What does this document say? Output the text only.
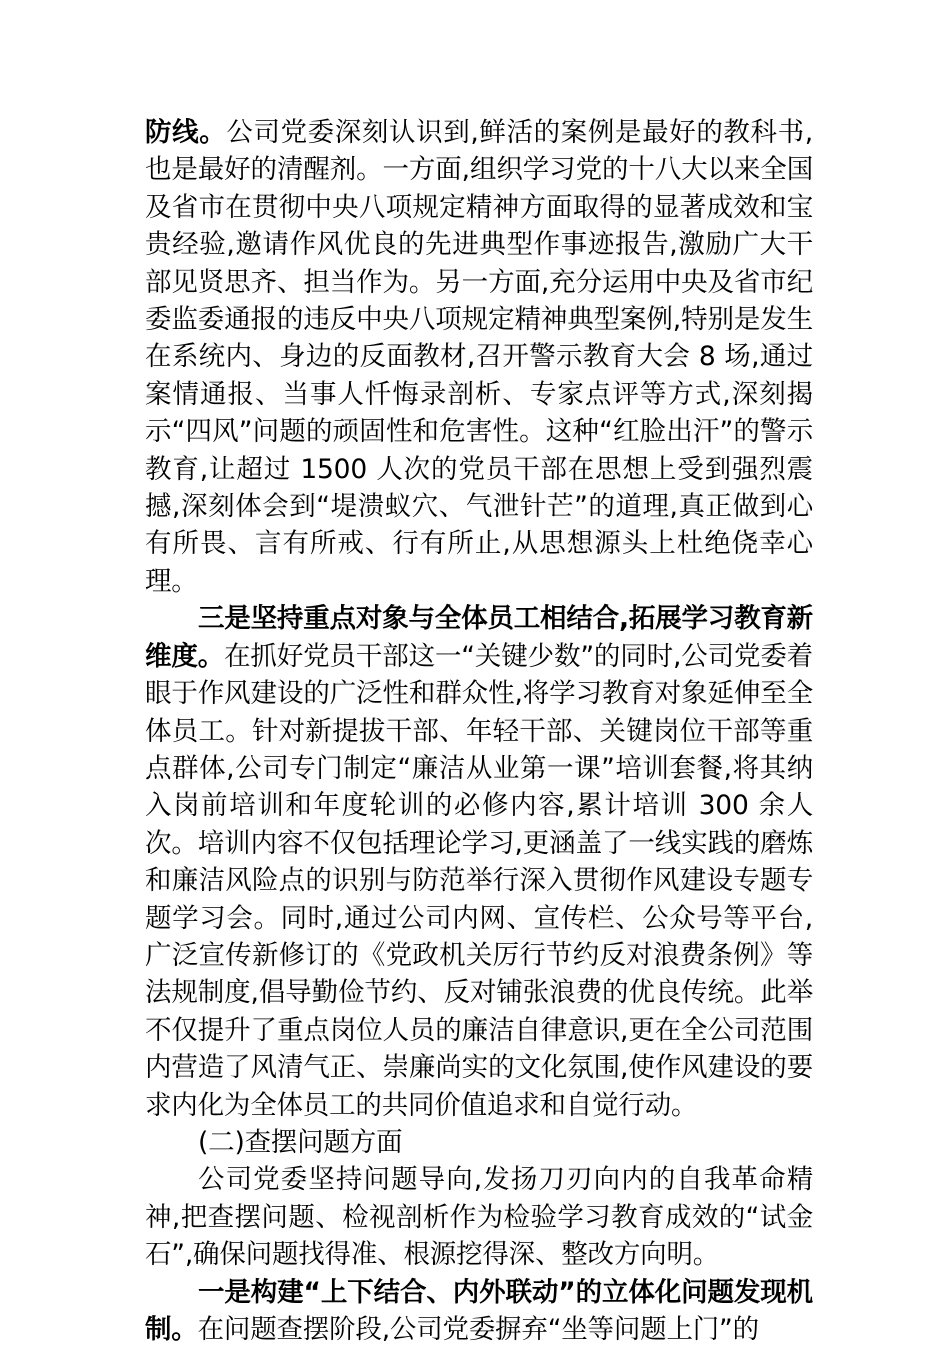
防线。公司党委深刻认识到,鲜活的案例是最好的教科书,也是最好的清醒剂。一方面,组织学习党的十八大以来全国及省市在贯彻中央八项规定精神方面取得的显著成效和宝贵经验,邀请作风优良的先进典型作事迹报告,激励广大干部见贤思齐、担当作为。另一方面,充分运用中央及省市纪委监委通报的违反中央八项规定精神典型案例,特别是发生在系统内、身边的反面教材,召开警示教育大会 8 场,通过案情通报、当事人忏悔录剖析、专家点评等方式,深刻揭示“四风”问题的顽固性和危害性。这种“红脸出汗”的警示教育,让超过 1500 人次的党员干部在思想上受到强烈震撼,深刻体会到“堤溃蚁穴、气泄针芒”的道理,真正做到心有所畏、言有所戒、行有所止,从思想源头上杜绝侥幸心理。

三是坚持重点对象与全体员工相结合,拓展学习教育新维度。在抓好党员干部这一“关键少数”的同时,公司党委着眼于作风建设的广泛性和群众性,将学习教育对象延伸至全体员工。针对新提拔干部、年轻干部、关键岗位干部等重点群体,公司专门制定“廉洁从业第一课”培训套餐,将其纳入岗前培训和年度轮训的必修内容,累计培训 300 余人次。培训内容不仅包括理论学习,更涵盖了一线实践的磨炼和廉洁风险点的识别与防范举行深入贯彻作风建设专题专题学习会。同时,通过公司内网、宣传栏、公众号等平台,广泛宣传新修订的《党政机关厉行节约反对浪费条例》等法规制度,倡导勤俭节约、反对铺张浪费的优良传统。此举不仅提升了重点岗位人员的廉洁自律意识,更在全公司范围内营造了风清气正、崇廉尚实的文化氛围,使作风建设的要求内化为全体员工的共同价值追求和自觉行动。

(二)查摆问题方面

公司党委坚持问题导向,发扬刀刃向内的自我革命精神,把查摆问题、检视剖析作为检验学习教育成效的“试金石”,确保问题找得准、根源挖得深、整改方向明。

一是构建“上下结合、内外联动”的立体化问题发现机制。在问题查摆阶段,公司党委摒弃“坐等问题上门”的
